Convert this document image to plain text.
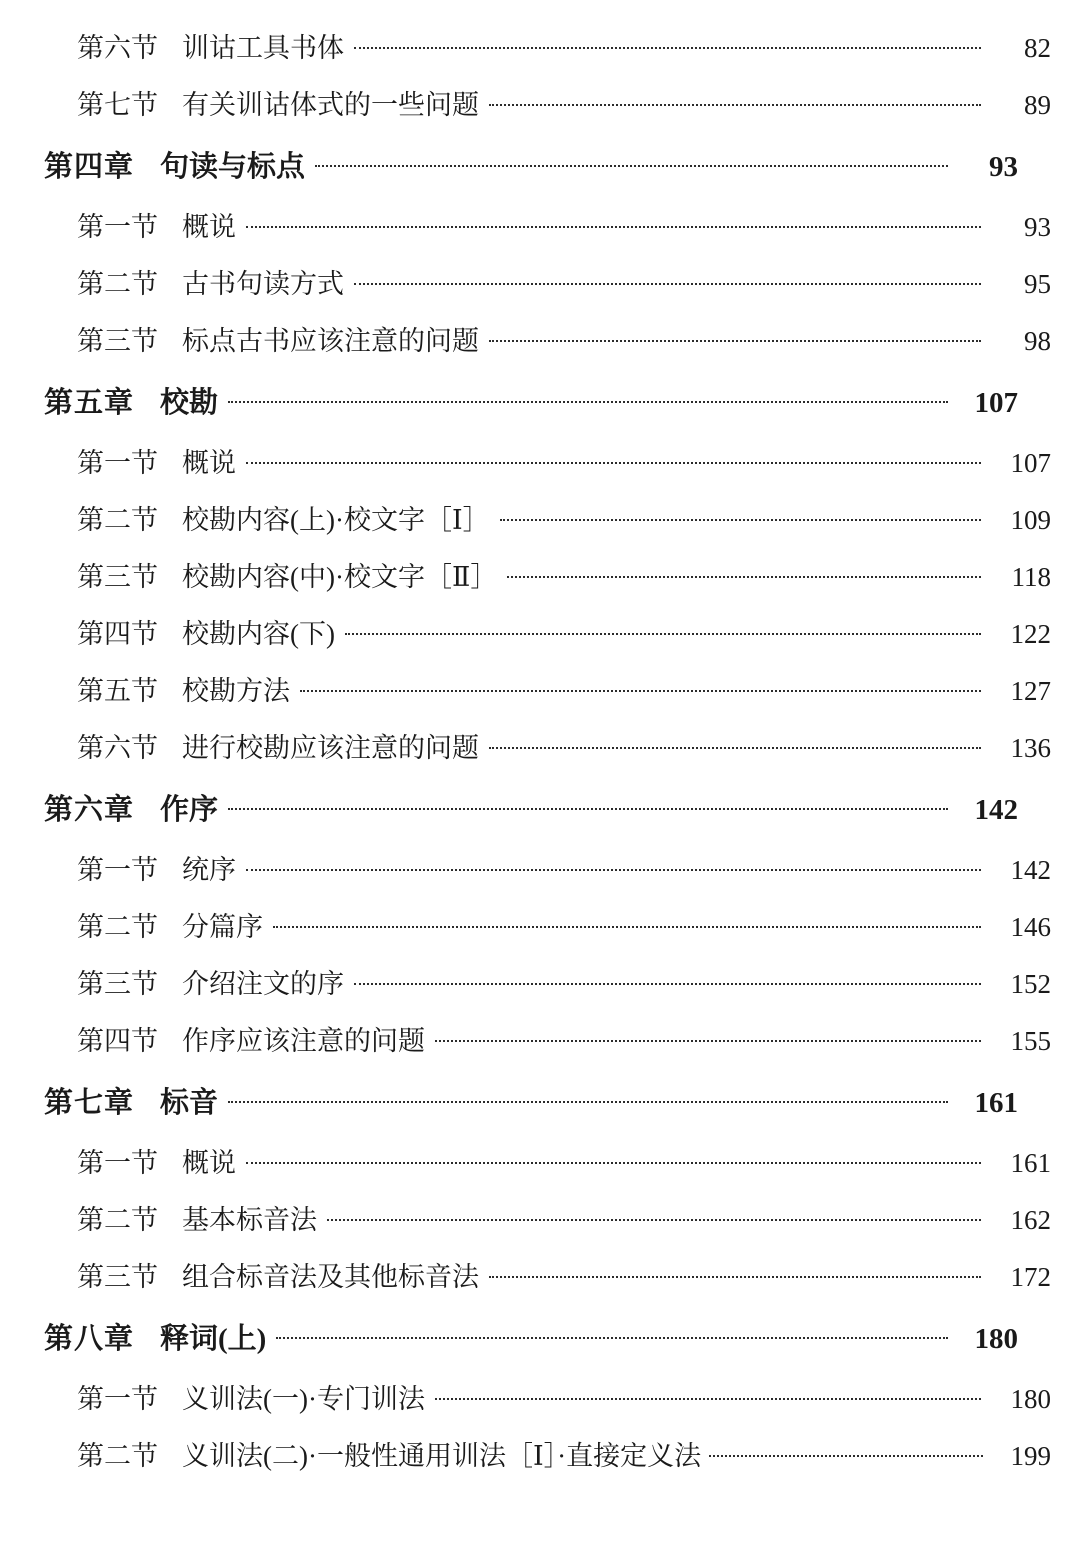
第六节 训诂工具书体	82
第七节 有关训诂体式的一些问题	89
第四章 句读与标点	93
第一节 概说	93
第二节 古书句读方式	95
第三节 标点古书应该注意的问题	98
第五章 校勘	107
第一节 概说	107
第二节 校勘内容(上)·校文字［Ⅰ］	109
第三节 校勘内容(中)·校文字［Ⅱ］	118
第四节 校勘内容(下)	122
第五节 校勘方法	127
第六节 进行校勘应该注意的问题	136
第六章 作序	142
第一节 统序	142
第二节 分篇序	146
第三节 介绍注文的序	152
第四节 作序应该注意的问题	155
第七章 标音	161
第一节 概说	161
第二节 基本标音法	162
第三节 组合标音法及其他标音法	172
第八章 释词(上)	180
第一节 义训法(一)·专门训法	180
第二节 义训法(二)·一般性通用训法［Ⅰ］·直接定义法	199
